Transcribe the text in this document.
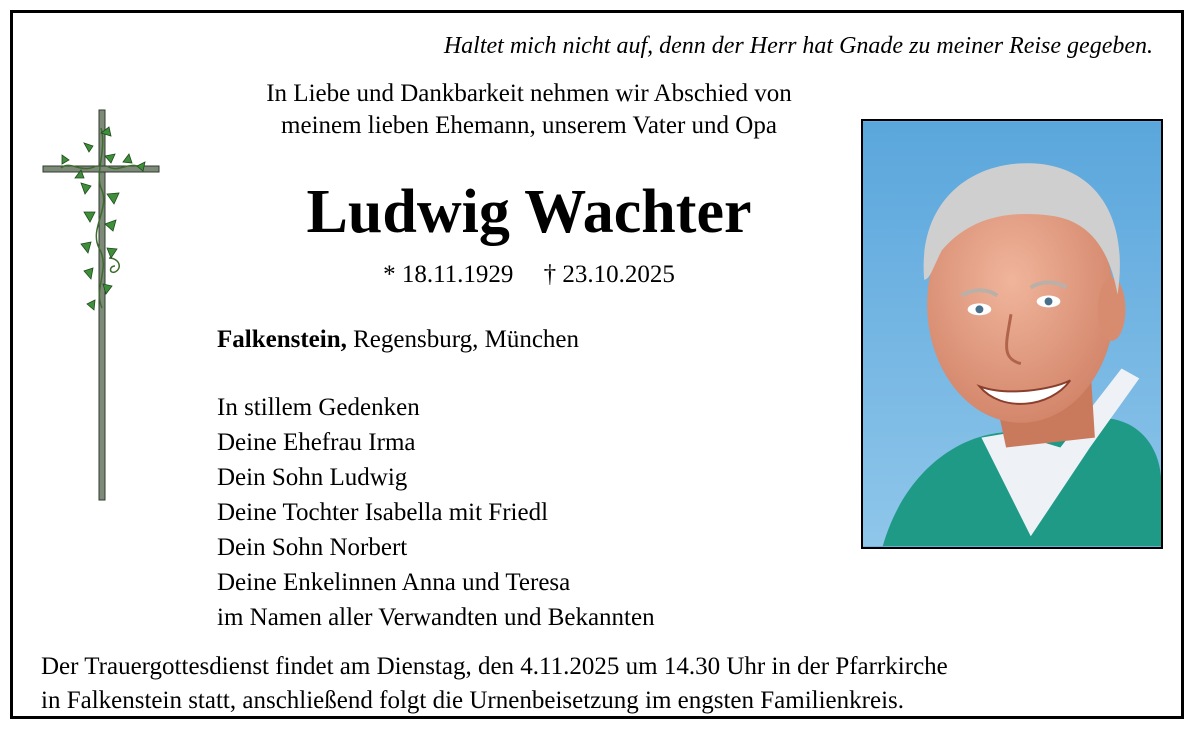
Haltet mich nicht auf, denn der Herr hat Gnade zu meiner Reise gegeben.
In Liebe und Dankbarkeit nehmen wir Abschied von
meinem lieben Ehemann, unserem Vater und Opa
Ludwig Wachter
* 18.11.1929 † 23.10.2025
Falkenstein, Regensburg, München
In stillem Gedenken
Deine Ehefrau Irma
Dein Sohn Ludwig
Deine Tochter Isabella mit Friedl
Dein Sohn Norbert
Deine Enkelinnen Anna und Teresa
im Namen aller Verwandten und Bekannten
Der Trauergottesdienst findet am Dienstag, den 4.11.2025 um 14.30 Uhr in der Pfarrkirche
in Falkenstein statt, anschließend folgt die Urnenbeisetzung im engsten Familienkreis.
